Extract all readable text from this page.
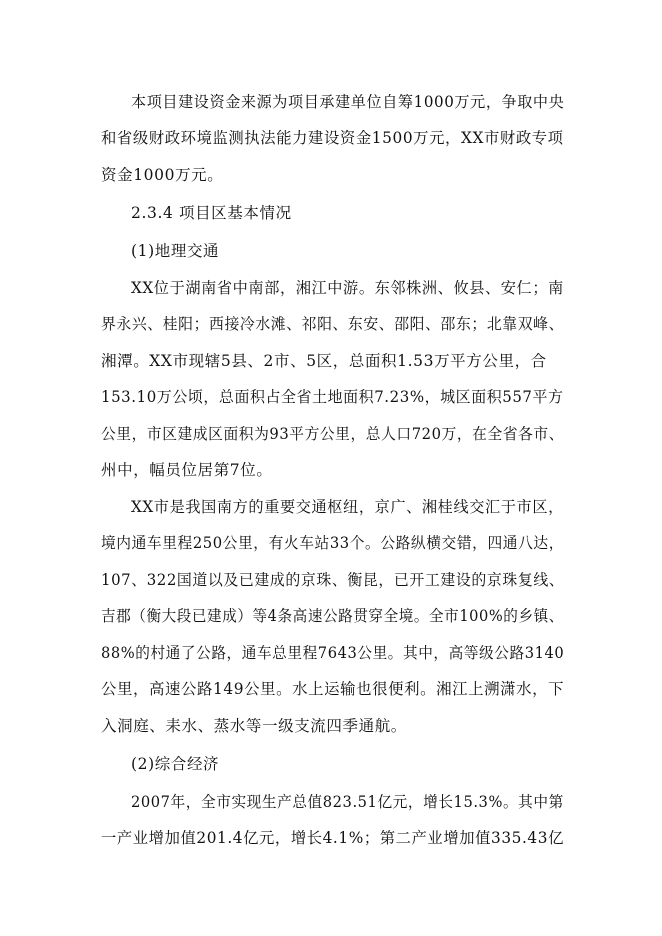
本项目建设资金来源为项目承建单位自筹1000万元，争取中央
和省级财政环境监测执法能力建设资金1500万元，XX市财政专项
资金1000万元。
2.3.4 项目区基本情况
(1)地理交通
XX位于湖南省中南部，湘江中游。东邻株洲、攸县、安仁；南
界永兴、桂阳；西接冷水滩、祁阳、东安、邵阳、邵东；北靠双峰、
湘潭。XX市现辖5县、2市、5区，总面积1.53万平方公里，合
153.10万公顷，总面积占全省土地面积7.23%，城区面积557平方
公里，市区建成区面积为93平方公里，总人口720万，在全省各市、
州中，幅员位居第7位。
XX市是我国南方的重要交通枢纽，京广、湘桂线交汇于市区，
境内通车里程250公里，有火车站33个。公路纵横交错，四通八达，
107、322国道以及已建成的京珠、衡昆，已开工建设的京珠复线、
吉郡（衡大段已建成）等4条高速公路贯穿全境。全市100%的乡镇、
88%的村通了公路，通车总里程7643公里。其中，高等级公路3140
公里，高速公路149公里。水上运输也很便利。湘江上溯潇水，下
入洞庭、耒水、蒸水等一级支流四季通航。
(2)综合经济
2007年，全市实现生产总值823.51亿元，增长15.3%。其中第
一产业增加值201.4亿元，增长4.1%；第二产业增加值335.43亿
